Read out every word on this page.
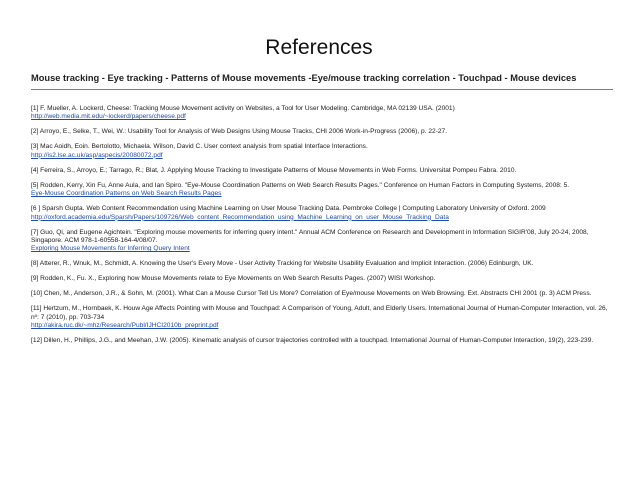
References
Mouse tracking - Eye tracking - Patterns of Mouse movements -Eye/mouse tracking correlation - Touchpad - Mouse devices
[1] F. Mueller, A. Lockerd, Cheese: Tracking Mouse Movement activity on Websites, a Tool for User Modeling. Cambridge, MA 02139 USA. (2001)
http://web.media.mit.edu/~lockerd/papers/cheese.pdf
[2] Arroyo, E., Selke, T., Wei, W.: Usability Tool for Analysis of Web Designs Using Mouse Tracks, CHI 2006 Work-in-Progress (2006), p. 22-27.
[3] Mac Aoidh, Eoin. Bertolotto, Michaela. Wilson, David C. User context analysis from spatial Interface Interactions.
http://is2.lse.ac.uk/asp/aspecis/20080072.pdf
[4] Ferreira, S., Arroyo, E.; Tarrago, R.; Blat, J. Applying Mouse Tracking to Investigate Patterns of Mouse Movements in Web Forms. Universitat Pompeu Fabra. 2010.
[5] Rodden, Kerry, Xin Fu, Anne Aula, and Ian Spiro. "Eye-Mouse Coordination Patterns on Web Search Results Pages." Conference on Human Factors in Computing Systems, 2008: 5.
Eye-Mouse Coordination Patterns on Web Search Results Pages
[6 ] Sparsh Gupta. Web Content Recommendation using Machine Learning on User Mouse Tracking Data. Pembroke College | Computing Laboratory University of Oxford. 2009
http://oxford.academia.edu/Sparsh/Papers/109726/Web_content_Recommendation_using_Machine_Learning_on_user_Mouse_Tracking_Data
[7] Guo, Qi, and Eugene Agichtein. "Exploring mouse movements for inferring query intent." Annual ACM Conference on Research and Development in Information SIGIR'08, July 20-24, 2008, Singapore. ACM 978-1-60558-164-4/08/07.
Exploring Mouse Movements for Inferring Query Intent
[8] Atterer, R., Wnuk, M., Schmidt, A. Knowing the User's Every Move - User Activity Tracking for Website Usability Evaluation and Implicit Interaction. (2006) Edinburgh, UK.
[9] Rodden, K., Fu. X., Exploring how Mouse Movements relate to Eye Movements on Web Search Results Pages. (2007) WISI Workshop.
[10] Chen, M., Anderson, J.R., & Sohn, M. (2001). What Can a Mouse Cursor Tell Us More? Correlation of Eye/mouse Movements on Web Browsing. Ext. Abstracts CHI 2001 (p. 3) ACM Press.
[11] Hertzum, M., Hornbaek, K. Houw Age Affects Pointing with Mouse and Touchpad: A Comparison of Young, Adult, and Elderly Users. International Journal of Human-Computer Interaction, vol. 26, nº: 7 (2010), pp. 703-734
http://akira.ruc.dk/~mhz/Research/Publ/IJHCI2010b_preprint.pdf
[12] Dillen, H., Phillips, J.G., and Meehan, J.W. (2005). Kinematic analysis of cursor trajectories controlled with a touchpad. International Journal of Human-Computer Interaction, 19(2), 223-239.
